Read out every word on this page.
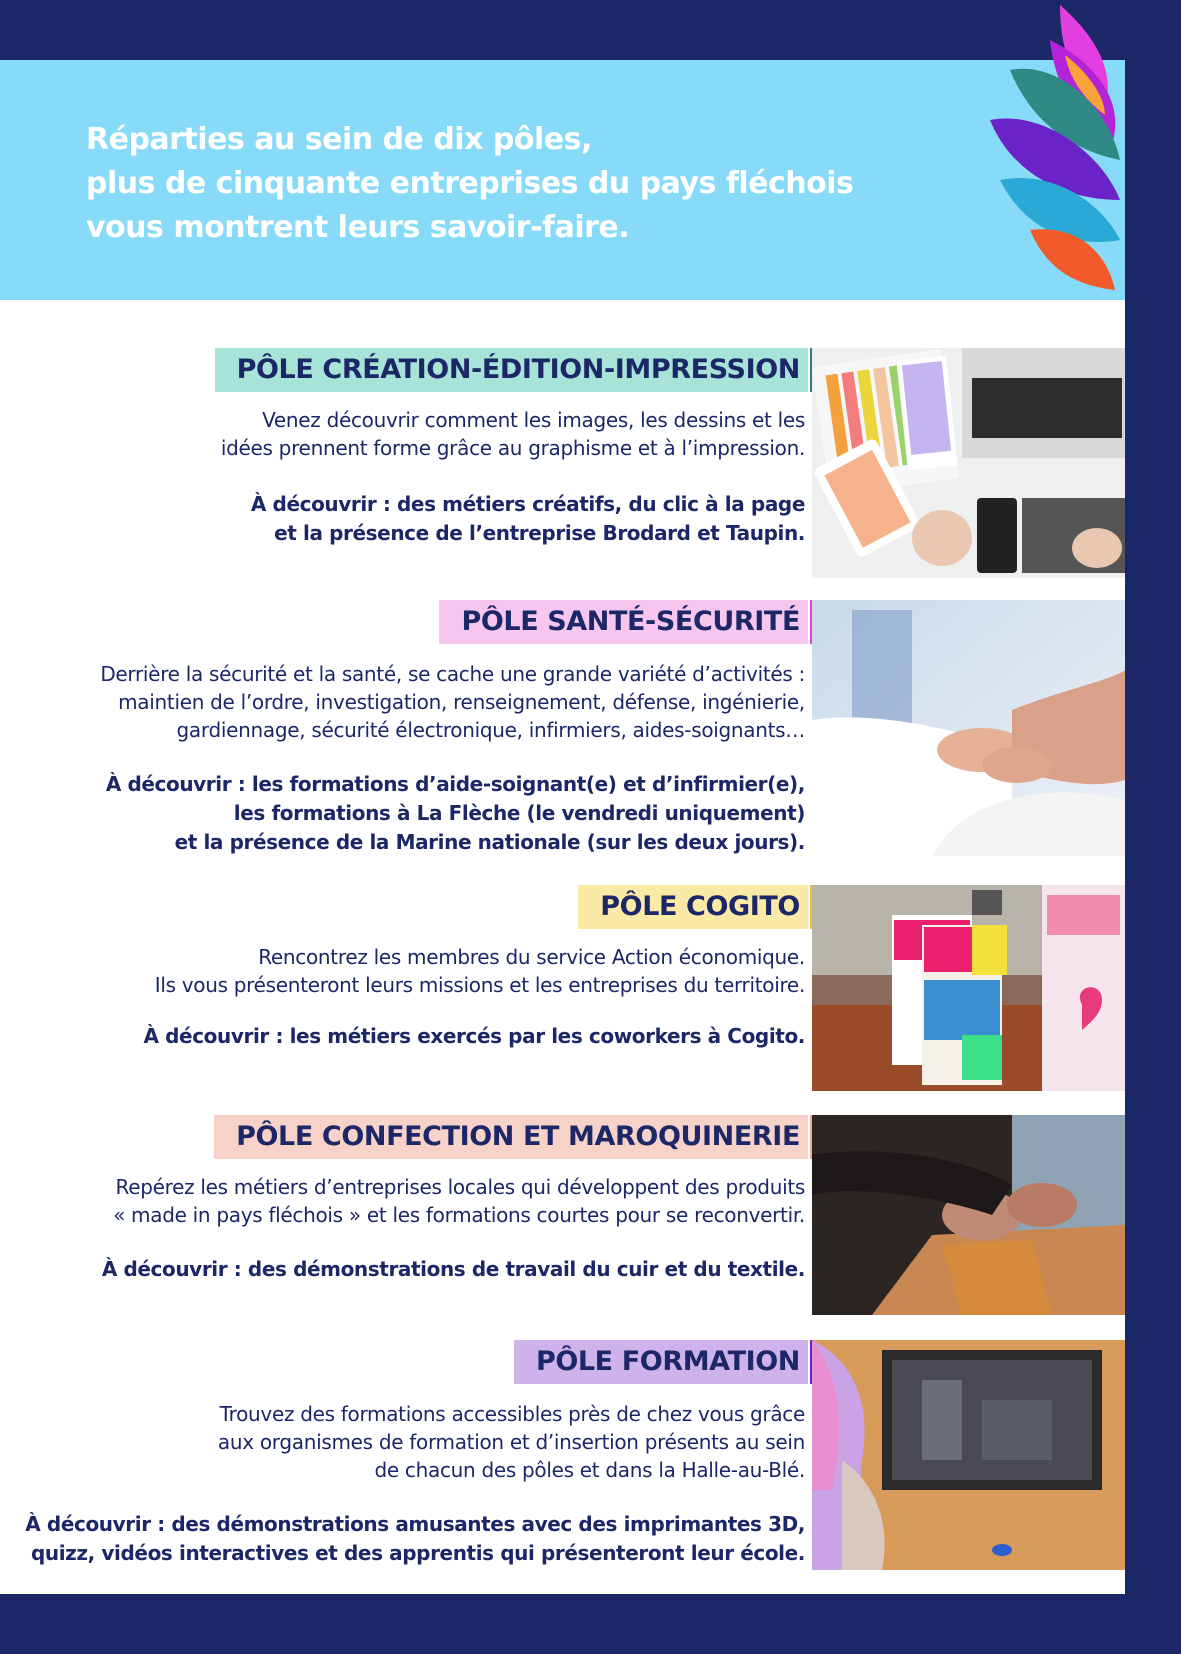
Réparties au sein de dix pôles,
plus de cinquante entreprises du pays fléchois
vous montrent leurs savoir-faire.
PÔLE CRÉATION-ÉDITION-IMPRESSION
Venez découvrir comment les images, les dessins et les
idées prennent forme grâce au graphisme et à l’impression.
À découvrir : des métiers créatifs, du clic à la page
et la présence de l’entreprise Brodard et Taupin.
PÔLE SANTÉ-SÉCURITÉ
Derrière la sécurité et la santé, se cache une grande variété d’activités :
maintien de l’ordre, investigation, renseignement, défense, ingénierie,
gardiennage, sécurité électronique, infirmiers, aides-soignants…
À découvrir : les formations d’aide-soignant(e) et d’infirmier(e),
les formations à La Flèche (le vendredi uniquement)
et la présence de la Marine nationale (sur les deux jours).
PÔLE COGITO
Rencontrez les membres du service Action économique.
Ils vous présenteront leurs missions et les entreprises du territoire.
À découvrir : les métiers exercés par les coworkers à Cogito.
PÔLE CONFECTION ET MAROQUINERIE
Repérez les métiers d’entreprises locales qui développent des produits
« made in pays fléchois » et les formations courtes pour se reconvertir.
À découvrir : des démonstrations de travail du cuir et du textile.
PÔLE FORMATION
Trouvez des formations accessibles près de chez vous grâce
aux organismes de formation et d’insertion présents au sein
de chacun des pôles et dans la Halle-au-Blé.
À découvrir : des démonstrations amusantes avec des imprimantes 3D,
quizz, vidéos interactives et des apprentis qui présenteront leur école.
